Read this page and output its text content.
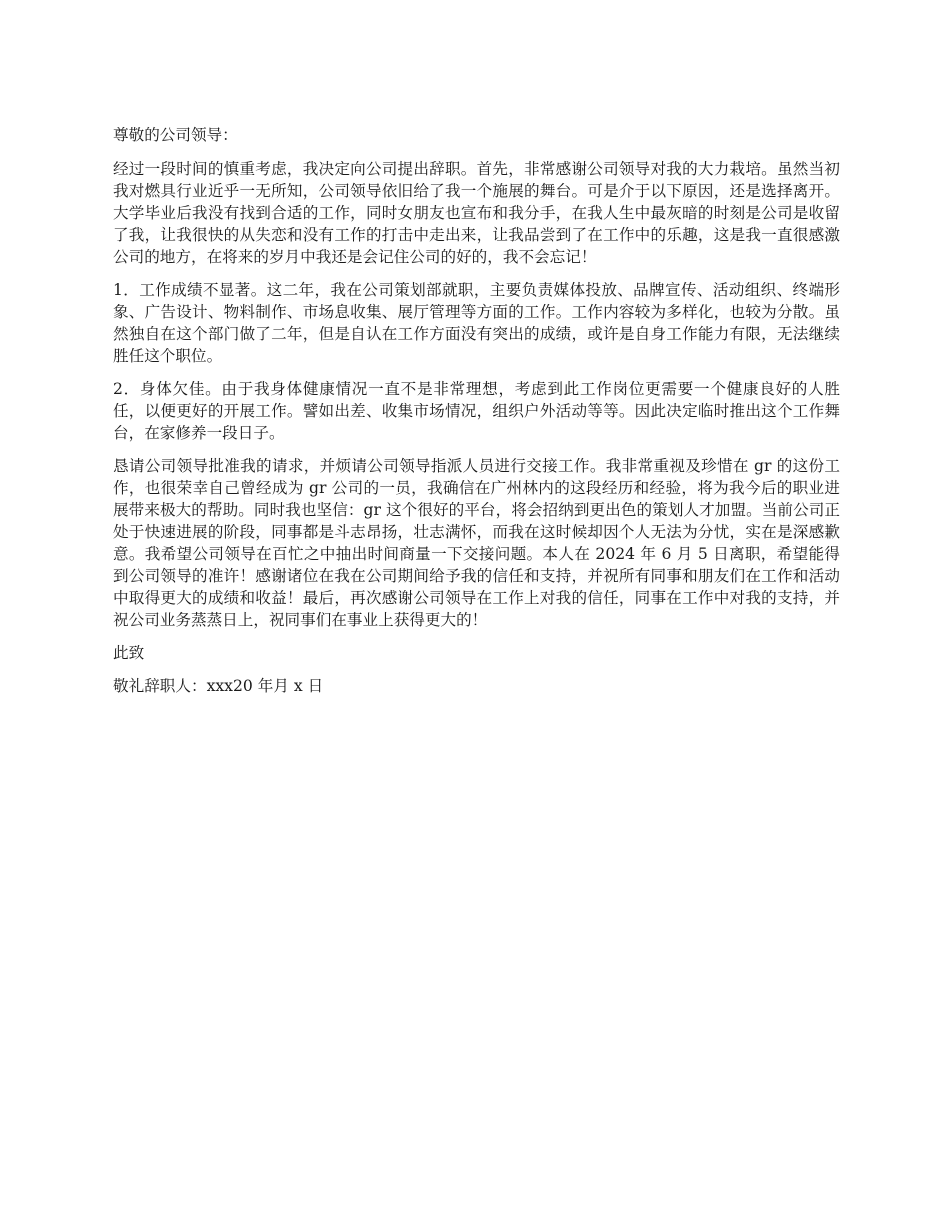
尊敬的公司领导：

经过一段时间的慎重考虑，我决定向公司提出辞职。首先，非常感谢公司领导对我的大力栽培。虽然当初我对燃具行业近乎一无所知，公司领导依旧给了我一个施展的舞台。可是介于以下原因，还是选择离开。大学毕业后我没有找到合适的工作，同时女朋友也宣布和我分手，在我人生中最灰暗的时刻是公司是收留了我，让我很快的从失恋和没有工作的打击中走出来，让我品尝到了在工作中的乐趣，这是我一直很感激公司的地方，在将来的岁月中我还是会记住公司的好的，我不会忘记！

1．工作成绩不显著。这二年，我在公司策划部就职，主要负责媒体投放、品牌宣传、活动组织、终端形象、广告设计、物料制作、市场息收集、展厅管理等方面的工作。工作内容较为多样化，也较为分散。虽然独自在这个部门做了二年，但是自认在工作方面没有突出的成绩，或许是自身工作能力有限，无法继续胜任这个职位。

2．身体欠佳。由于我身体健康情况一直不是非常理想，考虑到此工作岗位更需要一个健康良好的人胜任，以便更好的开展工作。譬如出差、收集市场情况，组织户外活动等等。因此决定临时推出这个工作舞台，在家修养一段日子。

恳请公司领导批准我的请求，并烦请公司领导指派人员进行交接工作。我非常重视及珍惜在 gr 的这份工作，也很荣幸自己曾经成为 gr 公司的一员，我确信在广州林内的这段经历和经验，将为我今后的职业进展带来极大的帮助。同时我也坚信：gr 这个很好的平台，将会招纳到更出色的策划人才加盟。当前公司正处于快速进展的阶段，同事都是斗志昂扬，壮志满怀，而我在这时候却因个人无法为分忧，实在是深感歉意。我希望公司领导在百忙之中抽出时间商量一下交接问题。本人在 2024 年 6 月 5 日离职，希望能得到公司领导的准许！感谢诸位在我在公司期间给予我的信任和支持，并祝所有同事和朋友们在工作和活动中取得更大的成绩和收益！最后，再次感谢公司领导在工作上对我的信任，同事在工作中对我的支持，并祝公司业务蒸蒸日上，祝同事们在事业上获得更大的！

此致

敬礼辞职人：xxx20 年月 x 日
